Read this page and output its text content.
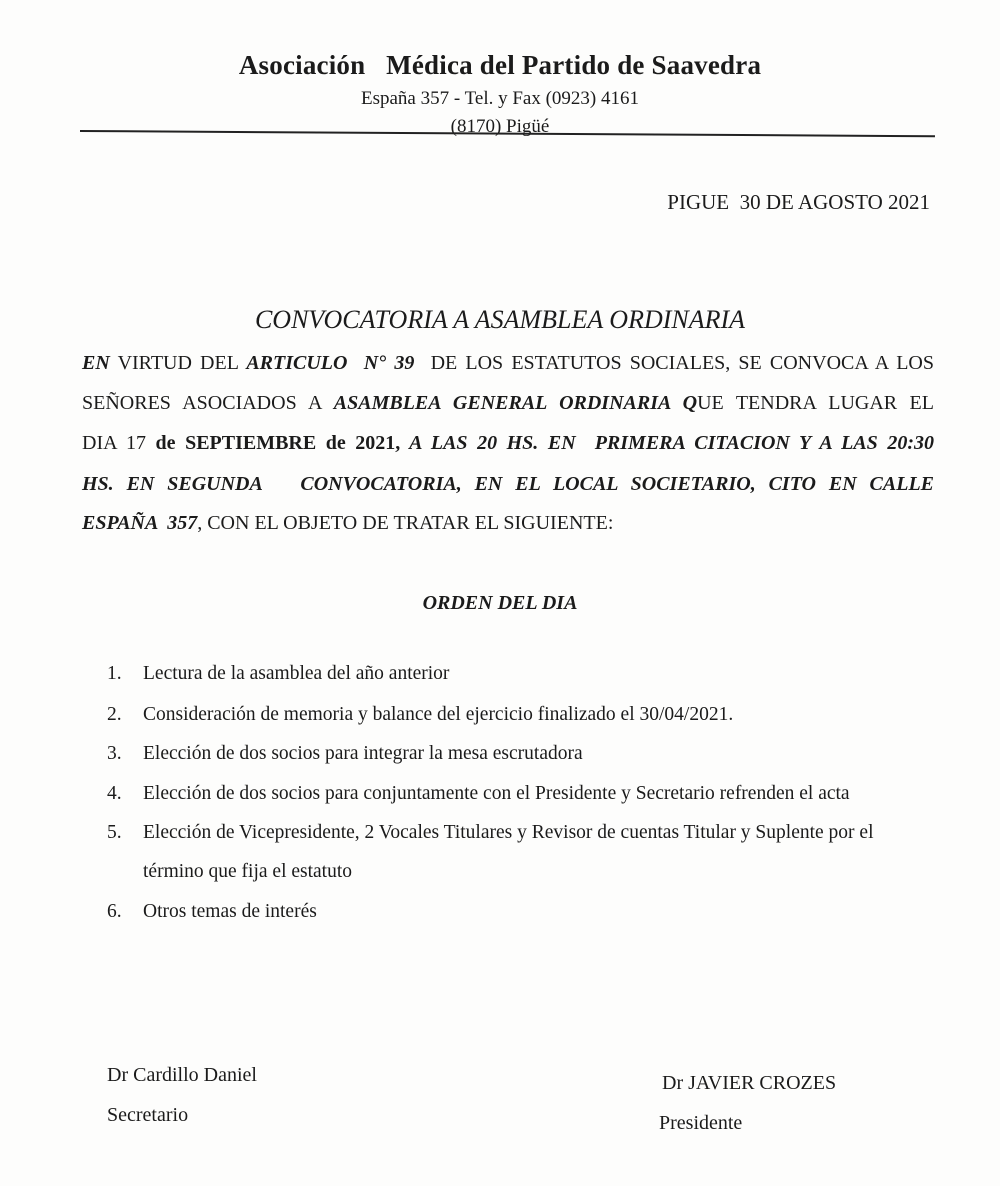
Asociación   Médica del Partido de Saavedra
España 357 - Tel. y Fax (0923) 4161
(8170) Pigüé
PIGUE  30 DE AGOSTO 2021
CONVOCATORIA A ASAMBLEA ORDINARIA
EN VIRTUD DEL ARTICULO  N° 39  DE LOS ESTATUTOS SOCIALES, SE CONVOCA A LOS
SEÑORES ASOCIADOS A ASAMBLEA GENERAL ORDINARIA QUE TENDRA LUGAR EL
DIA 17 de SEPTIEMBRE de 2021, A LAS 20 HS. EN  PRIMERA CITACION Y A LAS 20:30
HS. EN SEGUNDA   CONVOCATORIA, EN EL LOCAL SOCIETARIO, CITO EN CALLE
ESPAÑA  357, CON EL OBJETO DE TRATAR EL SIGUIENTE:
ORDEN DEL DIA
1.	Lectura de la asamblea del año anterior
2.	Consideración de memoria y balance del ejercicio finalizado el 30/04/2021.
3.	Elección de dos socios para integrar la mesa escrutadora
4.	Elección de dos socios para conjuntamente con el Presidente y Secretario refrenden el acta
5.	Elección de Vicepresidente, 2 Vocales Titulares y Revisor de cuentas Titular y Suplente por el
término que fija el estatuto
6.	Otros temas de interés
Dr Cardillo Daniel
Secretario
Dr JAVIER CROZES
Presidente
